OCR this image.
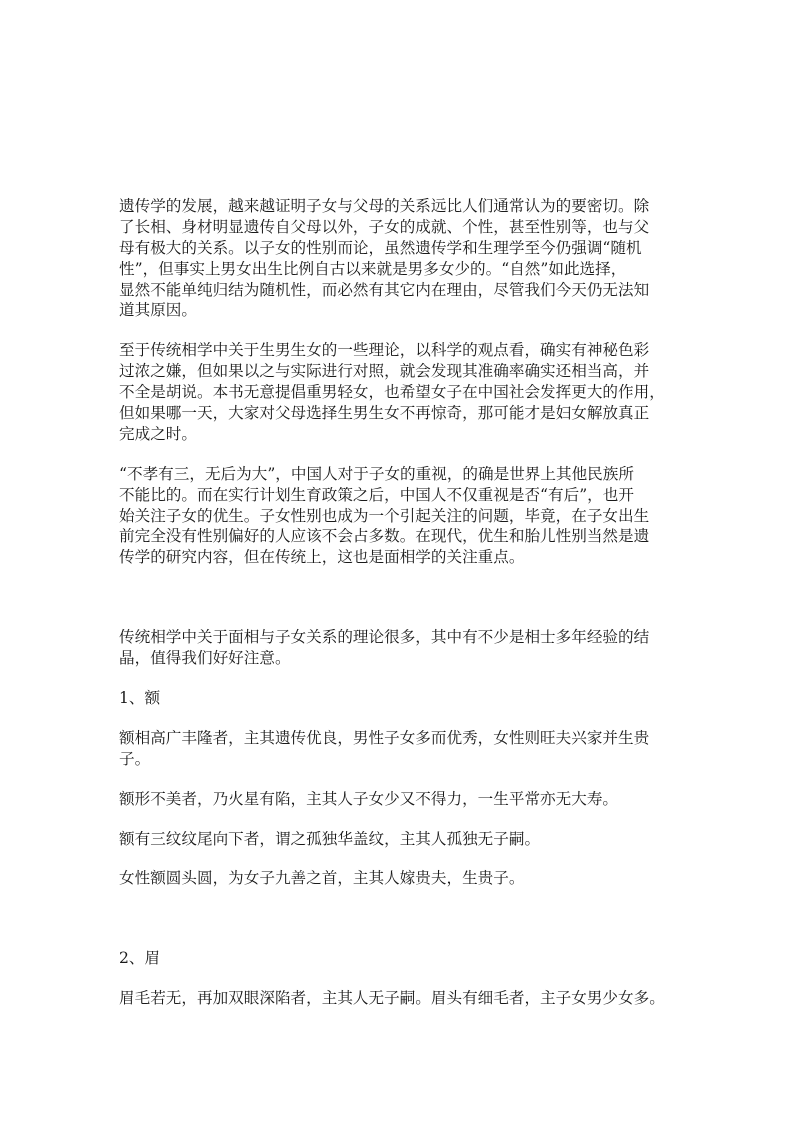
遗传学的发展，越来越证明子女与父母的关系远比人们通常认为的要密切。除
了长相、身材明显遗传自父母以外，子女的成就、个性，甚至性别等，也与父
母有极大的关系。以子女的性别而论，虽然遗传学和生理学至今仍强调“随机
性”，但事实上男女出生比例自古以来就是男多女少的。“自然”如此选择，
显然不能单纯归结为随机性，而必然有其它内在理由，尽管我们今天仍无法知
道其原因。

至于传统相学中关于生男生女的一些理论，以科学的观点看，确实有神秘色彩
过浓之嫌，但如果以之与实际进行对照，就会发现其准确率确实还相当高，并
不全是胡说。本书无意提倡重男轻女，也希望女子在中国社会发挥更大的作用，
但如果哪一天，大家对父母选择生男生女不再惊奇，那可能才是妇女解放真正
完成之时。

“不孝有三，无后为大”，中国人对于子女的重视，的确是世界上其他民族所
不能比的。而在实行计划生育政策之后，中国人不仅重视是否“有后”，也开
始关注子女的优生。子女性别也成为一个引起关注的问题，毕竟，在子女出生
前完全没有性别偏好的人应该不会占多数。在现代，优生和胎儿性别当然是遗
传学的研究内容，但在传统上，这也是面相学的关注重点。

传统相学中关于面相与子女关系的理论很多，其中有不少是相士多年经验的结
晶，值得我们好好注意。

1、额

额相高广丰隆者，主其遗传优良，男性子女多而优秀，女性则旺夫兴家并生贵
子。

额形不美者，乃火星有陷，主其人子女少又不得力，一生平常亦无大寿。

额有三纹纹尾向下者，谓之孤独华盖纹，主其人孤独无子嗣。

女性额圆头圆，为女子九善之首，主其人嫁贵夫，生贵子。

2、眉

眉毛若无，再加双眼深陷者，主其人无子嗣。眉头有细毛者，主子女男少女多。
